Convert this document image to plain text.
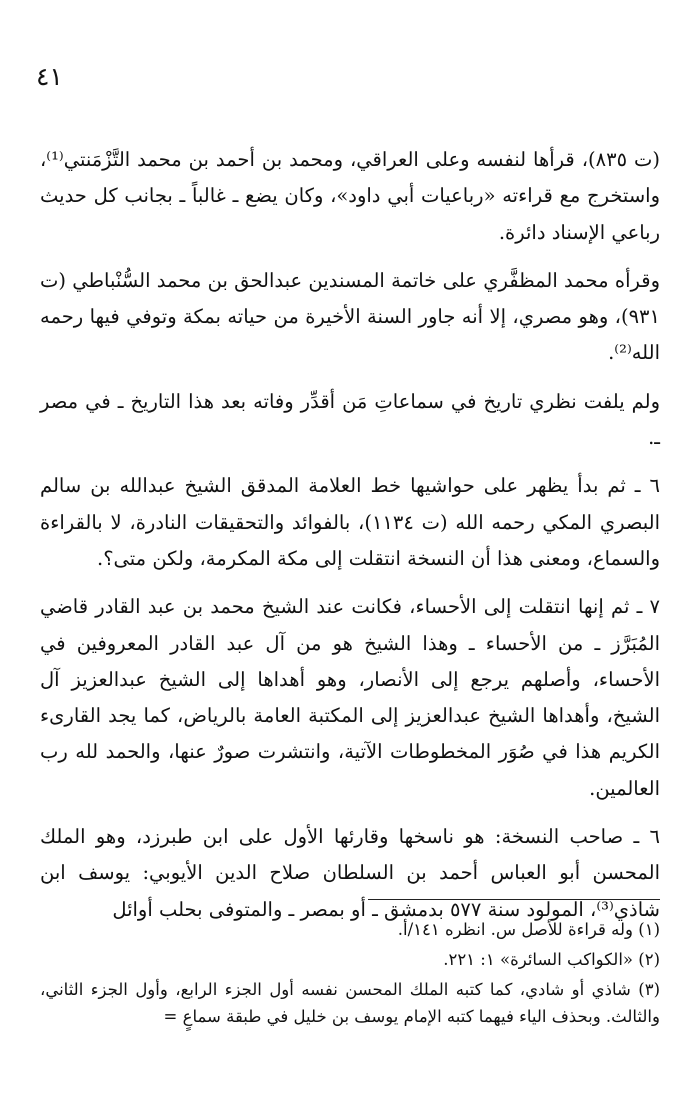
٤١

(ت ٨٣٥)، قرأها لنفسه وعلى العراقي، ومحمد بن أحمد بن محمد التَّزْمَنتي⁽¹⁾، واستخرج مع قراءته «رباعيات أبي داود»، وكان يضع ـ غالباً ـ بجانب كل حديث رباعي الإسناد دائرة.

وقرأه محمد المظفَّري على خاتمة المسندين عبدالحق بن محمد السُّنْباطي (ت ٩٣١)، وهو مصري، إلا أنه جاور السنة الأخيرة من حياته بمكة وتوفي فيها رحمه الله⁽²⁾.

ولم يلفت نظري تاريخ في سماعاتِ مَن أقدِّر وفاته بعد هذا التاريخ ـ في مصر ـ.

٦ ـ ثم بدأ يظهر على حواشيها خط العلامة المدقق الشيخ عبدالله بن سالم البصري المكي رحمه الله (ت ١١٣٤)، بالفوائد والتحقيقات النادرة، لا بالقراءة والسماع، ومعنى هذا أن النسخة انتقلت إلى مكة المكرمة، ولكن متى؟.

٧ ـ ثم إنها انتقلت إلى الأحساء، فكانت عند الشيخ محمد بن عبد القادر قاضي المُبَرَّز ـ من الأحساء ـ وهذا الشيخ هو من آل عبد القادر المعروفين في الأحساء، وأصلهم يرجع إلى الأنصار، وهو أهداها إلى الشيخ عبدالعزيز آل الشيخ، وأهداها الشيخ عبدالعزيز إلى المكتبة العامة بالرياض، كما يجد القارىء الكريم هذا في صُوَر المخطوطات الآتية، وانتشرت صورٌ عنها، والحمد لله رب العالمين.

٦ ـ صاحب النسخة: هو ناسخها وقارئها الأول على ابن طبرزد، وهو الملك المحسن أبو العباس أحمد بن السلطان صلاح الدين الأيوبي: يوسف ابن شاذي⁽³⁾، المولود سنة ٥٧٧ بدمشق ـ أو بمصر ـ والمتوفى بحلب أوائل

(١) وله قراءة للأصل س. انظره ١٤١/أ.

(٢) «الكواكب السائرة» ١: ٢٢١.

(٣) شاذي أو شادي، كما كتبه الملك المحسن نفسه أول الجزء الرابع، وأول الجزء الثاني، والثالث. وبحذف الياء فيهما كتبه الإمام يوسف بن خليل في طبقة سماعٍ =
